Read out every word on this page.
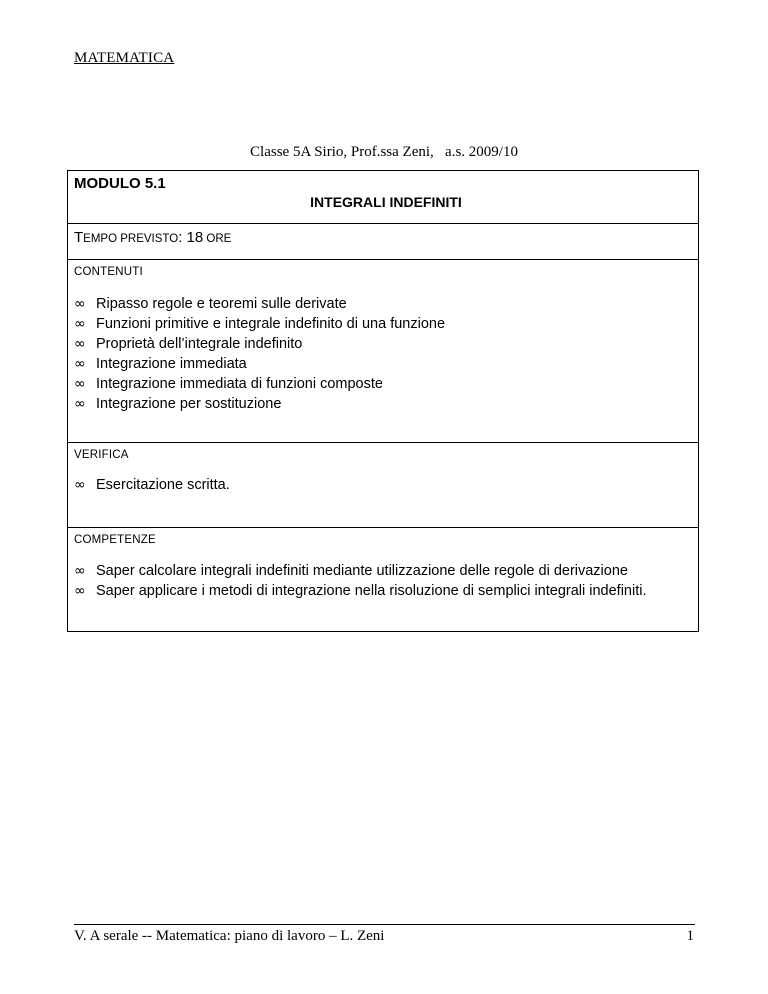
MATEMATICA
Classe 5A Sirio, Prof.ssa Zeni,   a.s. 2009/10
MODULO 5.1
INTEGRALI INDEFINITI
TEMPO PREVISTO: 18 ORE
CONTENUTI
∞ Ripasso regole e teoremi sulle derivate
∞ Funzioni primitive e integrale indefinito di una funzione
∞ Proprietà dell’integrale indefinito
∞ Integrazione immediata
∞ Integrazione immediata di funzioni composte
∞ Integrazione per sostituzione
VERIFICA
∞ Esercitazione scritta.
COMPETENZE
∞ Saper calcolare integrali indefiniti mediante utilizzazione delle regole di derivazione
∞ Saper applicare i metodi di integrazione nella risoluzione di semplici integrali indefiniti.
V. A serale -- Matematica: piano di lavoro – L. Zeni	1
